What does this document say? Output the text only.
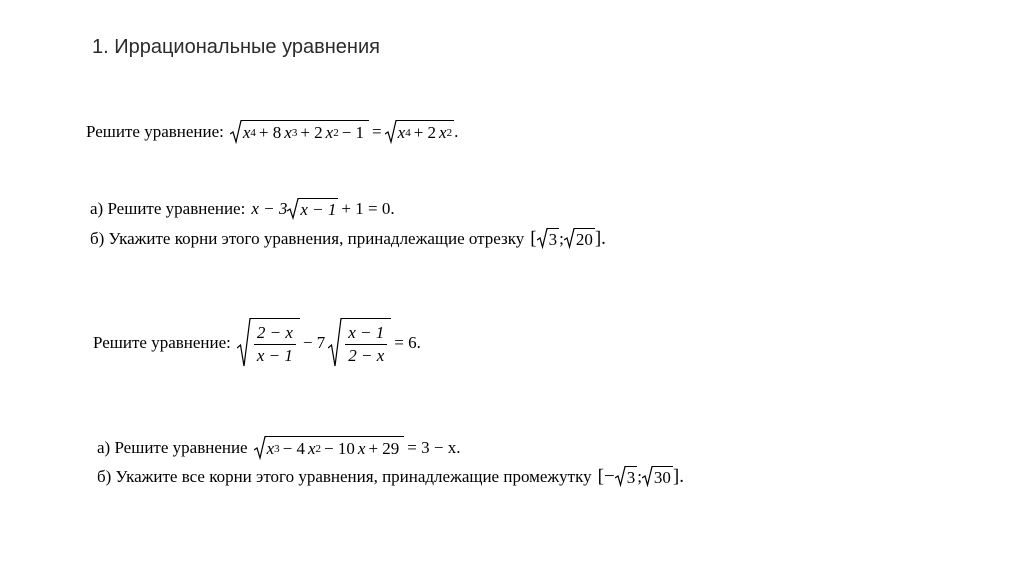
1. Иррациональные уравнения
Решите уравнение: x 4 + 8 x 3 + 2 x 2 − 1 = x 4 + 2 x 2 .
а) Решите уравнение: x − 3 x − 1 + 1 = 0.
б) Укажите корни этого уравнения, принадлежащие отрезку [ 3 ; 20 ].
Решите уравнение: $\frac{2 - x}{x - 1} - 7 \frac{x - 1}{2 - x} = 6$.
а) Решите уравнение x 3 − 4 x 2 − 10 x + 29 = 3 − x.
б) Укажите все корни этого уравнения, принадлежащие промежутку [− 3 ; 30 ].
